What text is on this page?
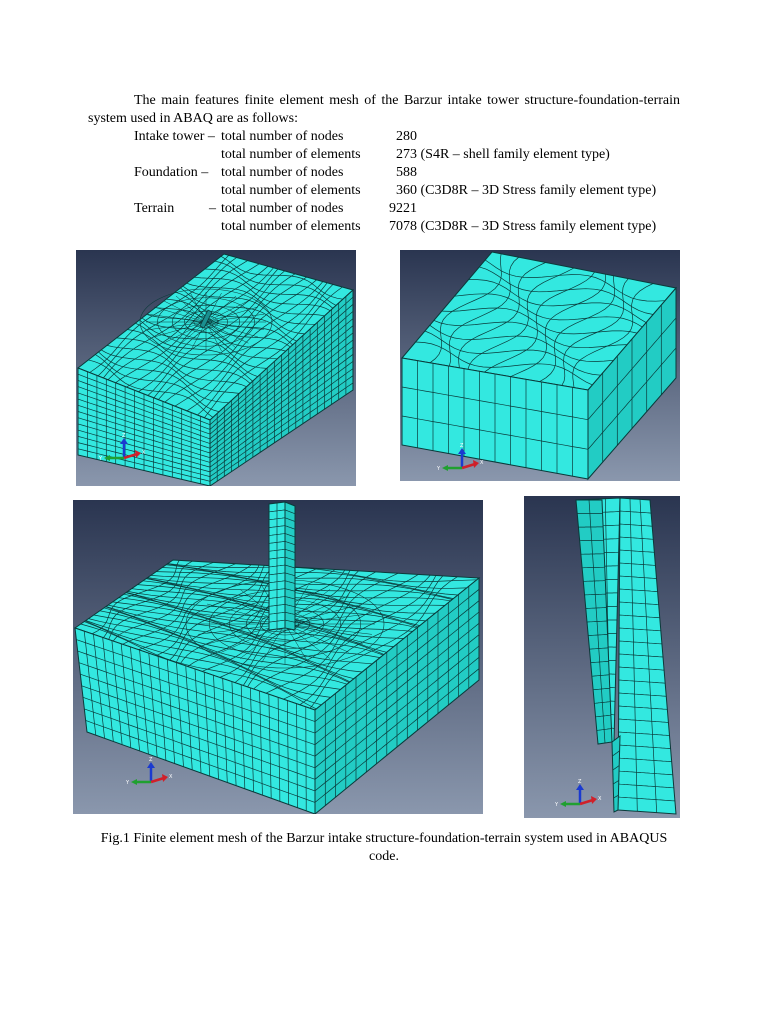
The main features finite element mesh of the Barzur intake tower structure-foundation-terrain system used in ABAQ are as follows:
Intake tower – total number of nodes	280
total number of elements	273 (S4R – shell family element type)
Foundation – total number of nodes	588
total number of elements	360 (C3D8R – 3D Stress family element type)
Terrain – total number of nodes	9221
total number of elements 7078 (C3D8R – 3D Stress family element type)
Z
X
Y
Z
X
Y
Z
X
Y	Z
X
Y
Fig.1 Finite element mesh of the Barzur intake structure-foundation-terrain system used in ABAQUS code.
